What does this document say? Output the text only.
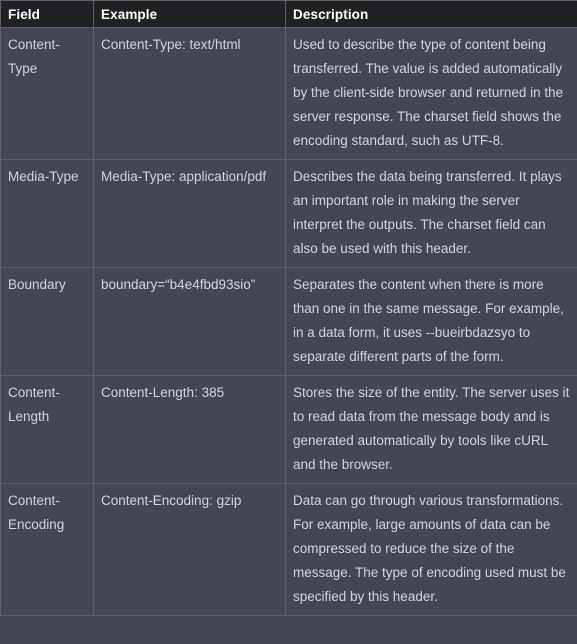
Field	Example	Description
Content-Type	Content-Type: text/html	Used to describe the type of content being transferred. The value is added automatically by the client-side browser and returned in the server response. The charset field shows the encoding standard, such as UTF-8.
Media-Type	Media-Type: application/pdf	Describes the data being transferred. It plays an important role in making the server interpret the outputs. The charset field can also be used with this header.
Boundary	boundary=“b4e4fbd93sio”	Separates the content when there is more than one in the same message. For example, in a data form, it uses --bueirbdazsyo to separate different parts of the form.
Content-Length	Content-Length: 385	Stores the size of the entity. The server uses it to read data from the message body and is generated automatically by tools like cURL and the browser.
Content-Encoding	Content-Encoding: gzip	Data can go through various transformations. For example, large amounts of data can be compressed to reduce the size of the message. The type of encoding used must be specified by this header.
